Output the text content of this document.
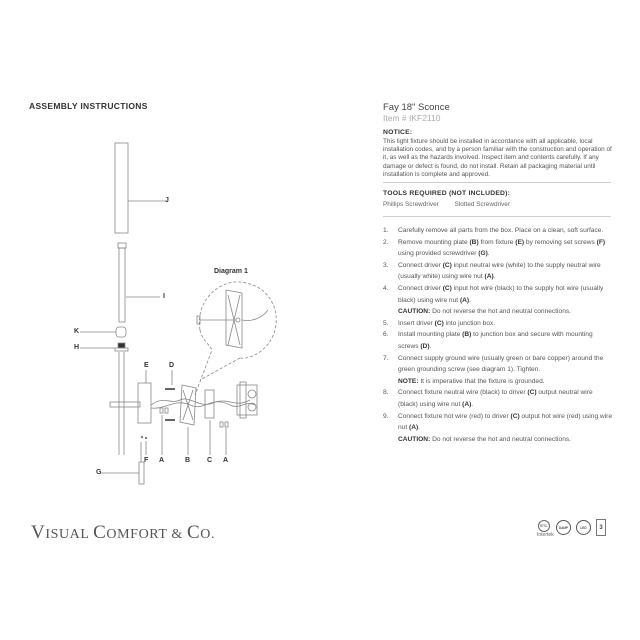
ASSEMBLY INSTRUCTIONS
J
I
K
H
E	D
A	B C A
F
G
Diagram 1
Fay 18" Sconce
Item # IKF2110
NOTICE:
This light fixture should be installed in accordance with all applicable, local installation codes, and by a person familiar with the construction and operation of it, as well as the hazards involved. Inspect item and contents carefully. If any damage or defect is found, do not install. Retain all packaging material until installation is complete and approved.
TOOLS REQUIRED (NOT INCLUDED):
Phillips Screwdriver Slotted Screwdriver
1. Carefully remove all parts from the box. Place on a clean, soft surface.
2. Remove mounting plate (B) from fixture (E) by removing set screws (F) using provided screwdriver (G).
3. Connect driver (C) input neutral wire (white) to the supply neutral wire (usually white) using wire nut (A).
4. Connect driver (C) input hot wire (black) to the supply hot wire (usually black) using wire nut (A).
CAUTION: Do not reverse the hot and neutral connections.
5. Insert driver (C) into junction box.
6. Install mounting plate (B) to junction box and secure with mounting screws (D).
7. Connect supply ground wire (usually green or bare copper) around the green grounding screw (see diagram 1). Tighten.
NOTE: It is imperative that the fixture is grounded.
8. Connect fixture neutral wire (black) to driver (C) output neutral wire (black) using wire nut (A).
9. Connect fixture hot wire (red) to driver (C) output hot wire (red) using wire nut (A).
CAUTION: Do not reverse the hot and neutral connections.
VISUAL COMFORT & CO.
ETL
Intertek
DAMP	LED	3
